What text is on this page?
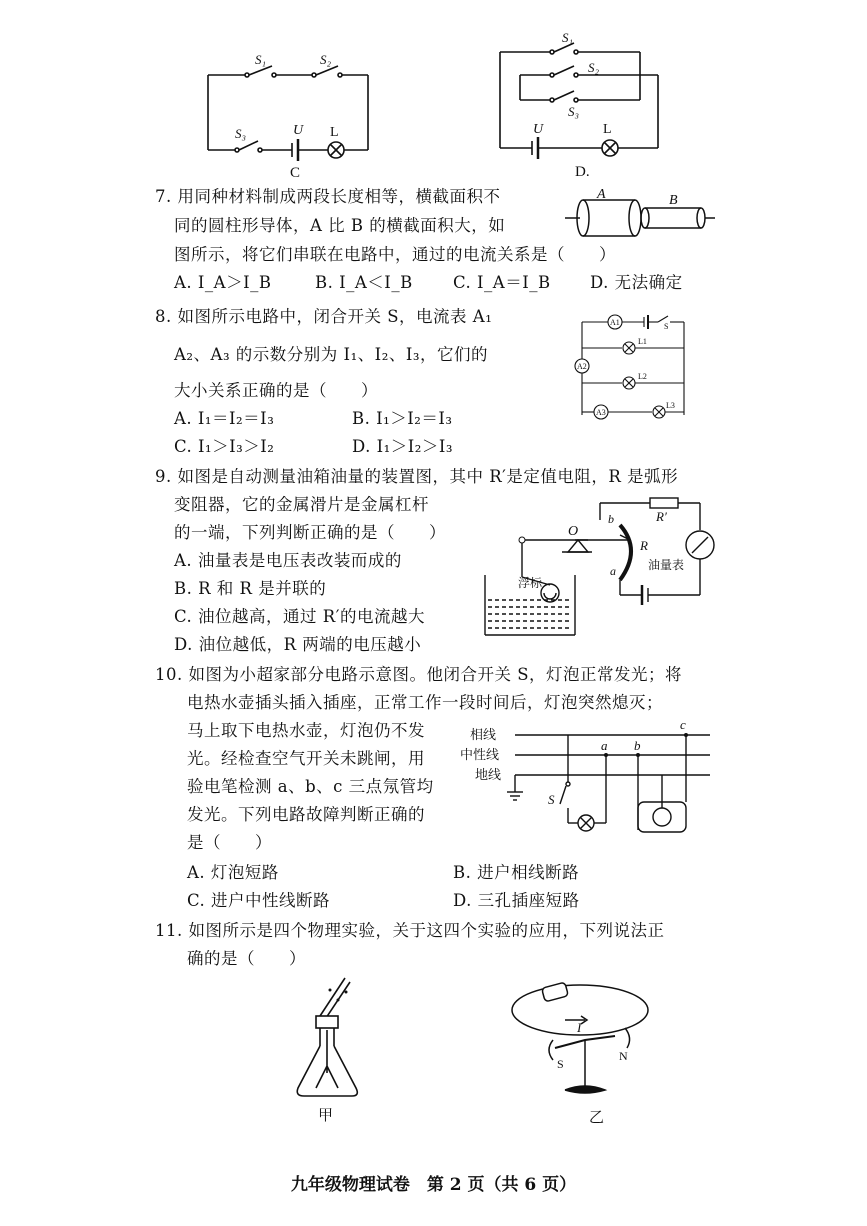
S₁	S₂
S₃	U L
C
S₁
S₂
S₃
U	L
D.
7. 用同种材料制成两段长度相等，横截面积不
同的圆柱形导体，A 比 B 的横截面积大，如
图所示，将它们串联在电路中，通过的电流关系是（　　）
A. I_A＞I_B	B. I_A＜I_B C. I_A＝I_B D. 无法确定
A	B
8. 如图所示电路中，闭合开关 S，电流表 A₁
A₂、A₃ 的示数分别为 I₁、I₂、I₃，它们的
大小关系正确的是（　　）
A. I₁＝I₂＝I₃	B. I₁＞I₂＝I₃
C. I₁＞I₃＞I₂	D. I₁＞I₂＞I₃
A1
A2
A3
S
L1
L2
L3
9. 如图是自动测量油箱油量的装置图，其中 R′是定值电阻，R 是弧形
变阻器，它的金属滑片是金属杠杆
的一端，下列判断正确的是（　　）
A. 油量表是电压表改装而成的
B. R 和 R 是并联的
C. 油位越高，通过 R′的电流越大
D. 油位越低，R 两端的电压越小
O
b
a
R
R′
浮标
油量表
10. 如图为小超家部分电路示意图。他闭合开关 S，灯泡正常发光；将
电热水壶插头插入插座，正常工作一段时间后，灯泡突然熄灭；
马上取下电热水壶，灯泡仍不发
光。经检查空气开关未跳闸，用
验电笔检测 a、b、c 三点氖管均
发光。下列电路故障判断正确的
是（　　）
A. 灯泡短路	B. 进户相线断路
C. 进户中性线断路	D. 三孔插座短路
相线
中性线
地线
a b
c
S
11. 如图所示是四个物理实验，关于这四个实验的应用，下列说法正
确的是（　　）
甲
I
S
N
乙
九年级物理试卷　第 2 页（共 6 页）
